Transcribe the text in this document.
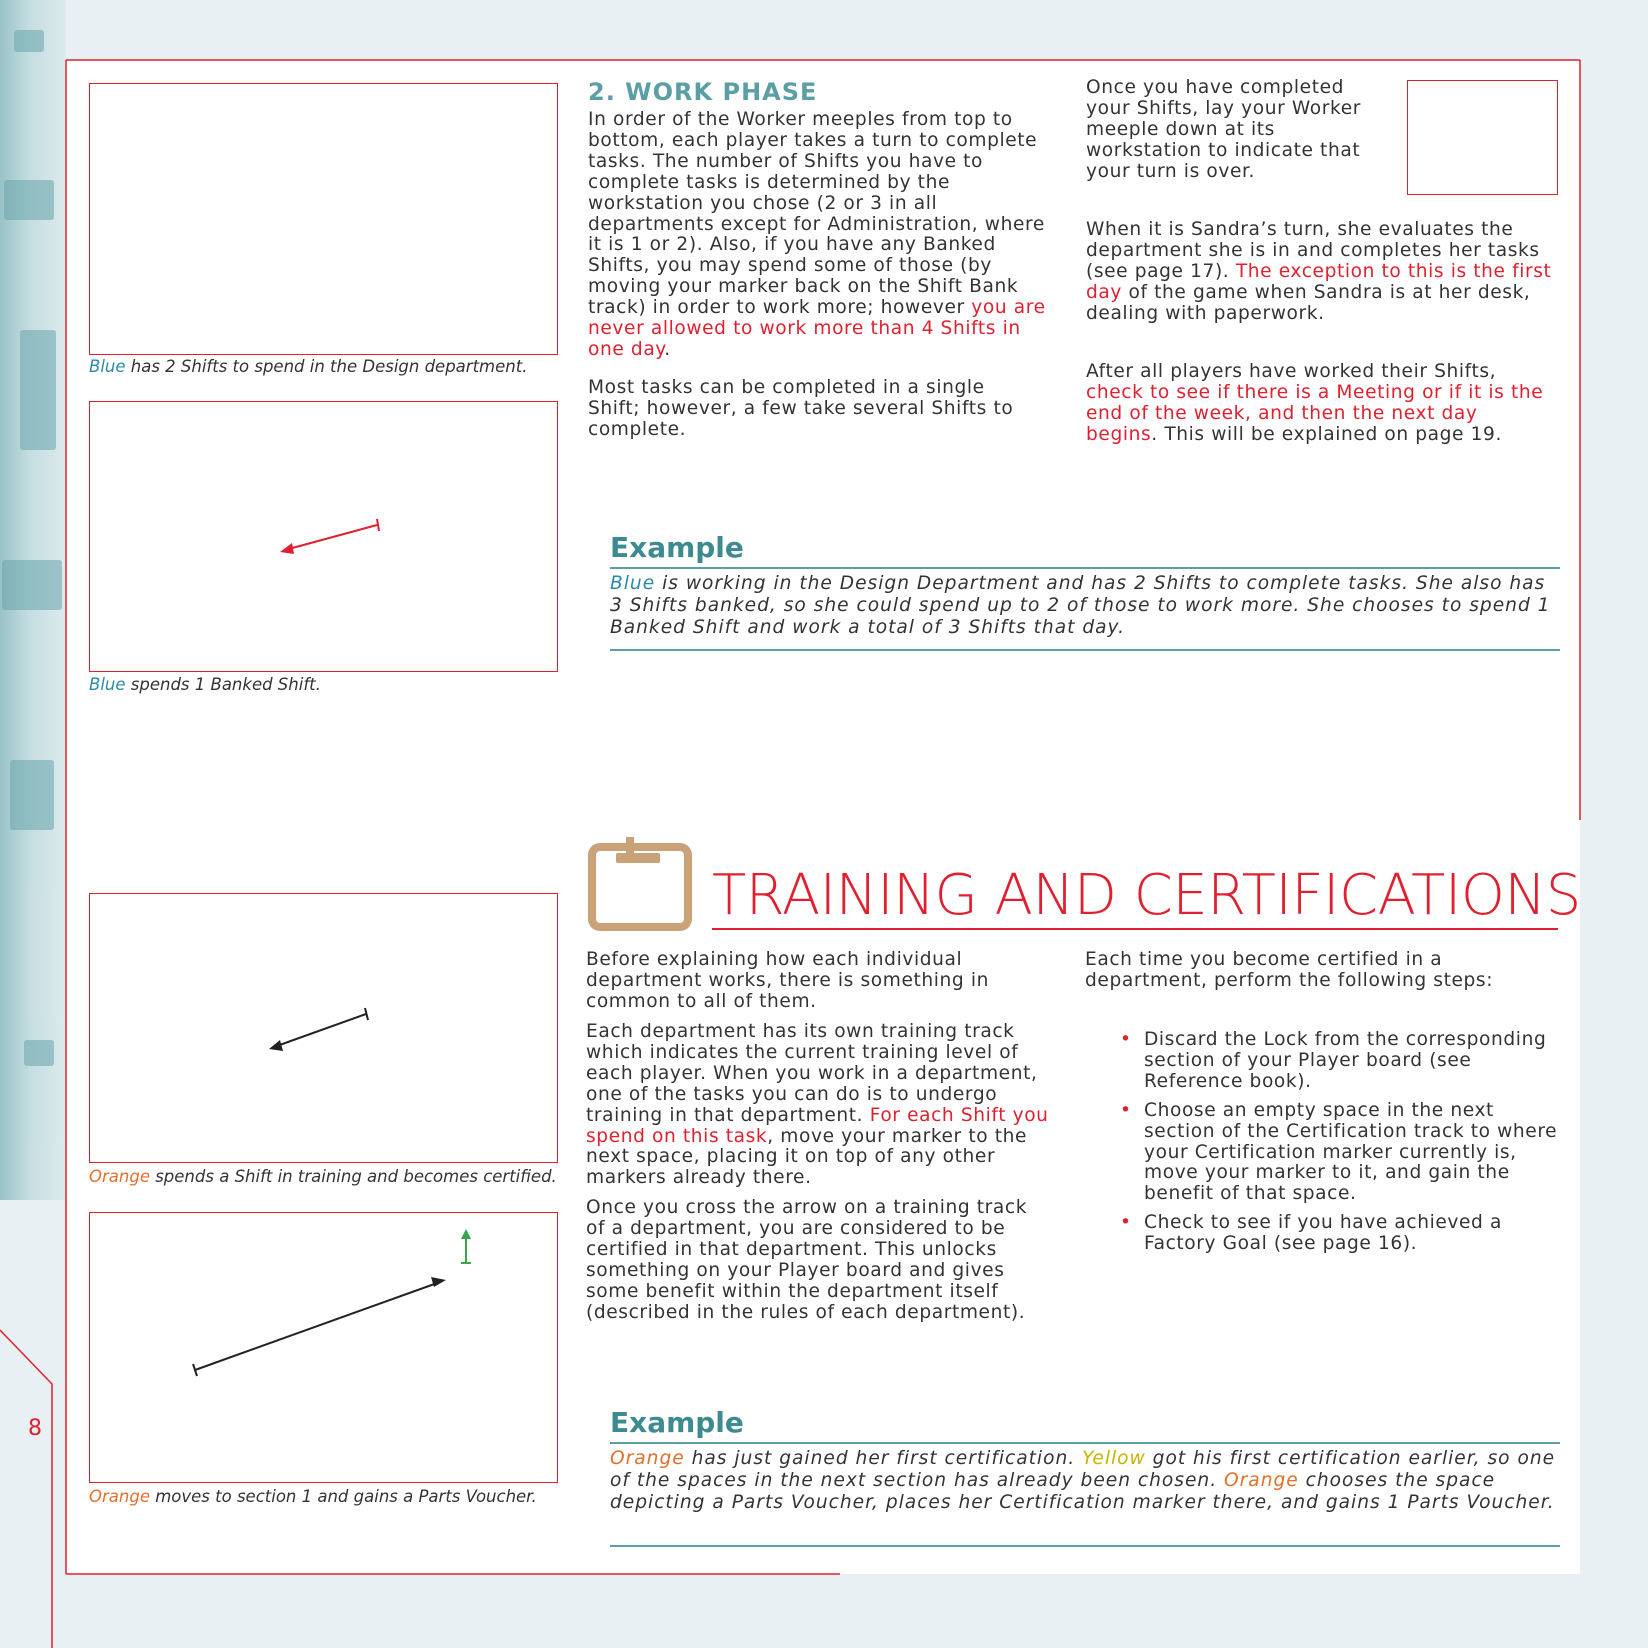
Blue has 2 Shifts to spend in the Design department.
Blue spends 1 Banked Shift.
Orange spends a Shift in training and becomes certified.
Orange moves to section 1 and gains a Parts Voucher.
2. WORK PHASE

In order of the Worker meeples from top to bottom, each player takes a turn to complete tasks. The number of Shifts you have to complete tasks is determined by the workstation you chose (2 or 3 in all departments except for Administration, where it is 1 or 2). Also, if you have any Banked Shifts, you may spend some of those (by moving your marker back on the Shift Bank track) in order to work more; however you are never allowed to work more than 4 Shifts in one day.

Most tasks can be completed in a single Shift; however, a few take several Shifts to complete.

Once you have completed your Shifts, lay your Worker meeple down at its workstation to indicate that your turn is over.

When it is Sandra’s turn, she evaluates the department she is in and completes her tasks (see page 17). The exception to this is the first day of the game when Sandra is at her desk, dealing with paperwork.

After all players have worked their Shifts, check to see if there is a Meeting or if it is the end of the week, and then the next day begins. This will be explained on page 19.

Example

Blue is working in the Design Department and has 2 Shifts to complete tasks. She also has 3 Shifts banked, so she could spend up to 2 of those to work more. She chooses to spend 1 Banked Shift and work a total of 3 Shifts that day.

TRAINING AND CERTIFICATIONS

Before explaining how each individual department works, there is something in common to all of them.

Each department has its own training track which indicates the current training level of each player. When you work in a department, one of the tasks you can do is to undergo training in that department. For each Shift you spend on this task, move your marker to the next space, placing it on top of any other markers already there.

Once you cross the arrow on a training track of a department, you are considered to be certified in that department. This unlocks something on your Player board and gives some benefit within the department itself (described in the rules of each department).

Each time you become certified in a department, perform the following steps:

• Discard the Lock from the corresponding section of your Player board (see Reference book).
• Choose an empty space in the next section of the Certification track to where your Certification marker currently is, move your marker to it, and gain the benefit of that space.
• Check to see if you have achieved a Factory Goal (see page 16).
Example

Orange has just gained her first certification. Yellow got his first certification earlier, so one of the spaces in the next section has already been chosen. Orange chooses the space depicting a Parts Voucher, places her Certification marker there, and gains 1 Parts Voucher.

8
